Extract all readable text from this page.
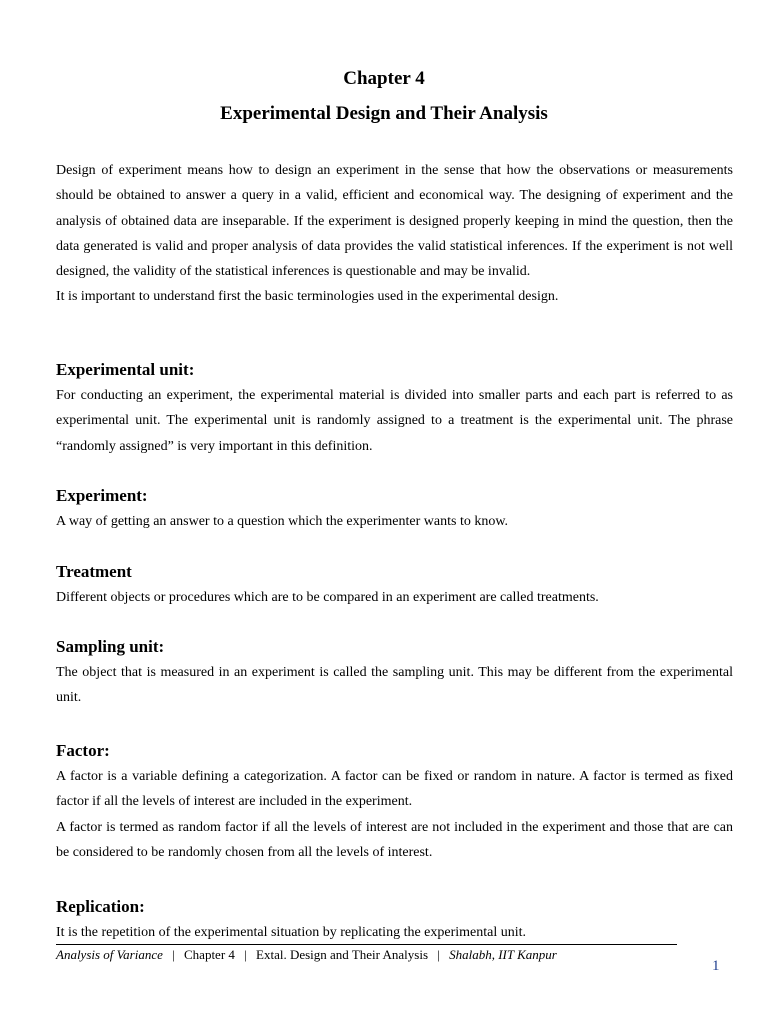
Chapter 4
Experimental Design and Their Analysis

Design of experiment means how to design an experiment in the sense that how the observations or measurements should be obtained to answer a query in a valid, efficient and economical way. The designing of experiment and the analysis of obtained data are inseparable. If the experiment is designed properly keeping in mind the question, then the data generated is valid and proper analysis of data provides the valid statistical inferences. If the experiment is not well designed, the validity of the statistical inferences is questionable and may be invalid.

It is important to understand first the basic terminologies used in the experimental design.

Experimental unit:

For conducting an experiment, the experimental material is divided into smaller parts and each part is referred to as experimental unit. The experimental unit is randomly assigned to a treatment is the experimental unit. The phrase “randomly assigned” is very important in this definition.

Experiment:

A way of getting an answer to a question which the experimenter wants to know.

Treatment

Different objects or procedures which are to be compared in an experiment are called treatments.

Sampling unit:

The object that is measured in an experiment is called the sampling unit. This may be different from the experimental unit.

Factor:

A factor is a variable defining a categorization. A factor can be fixed or random in nature. A factor is termed as fixed factor if all the levels of interest are included in the experiment.

A factor is termed as random factor if all the levels of interest are not included in the experiment and those that are can be considered to be randomly chosen from all the levels of interest.

Replication:

It is the repetition of the experimental situation by replicating the experimental unit.

Analysis of Variance | Chapter 4 | Extal. Design and Their Analysis | Shalabh, IIT Kanpur
1
